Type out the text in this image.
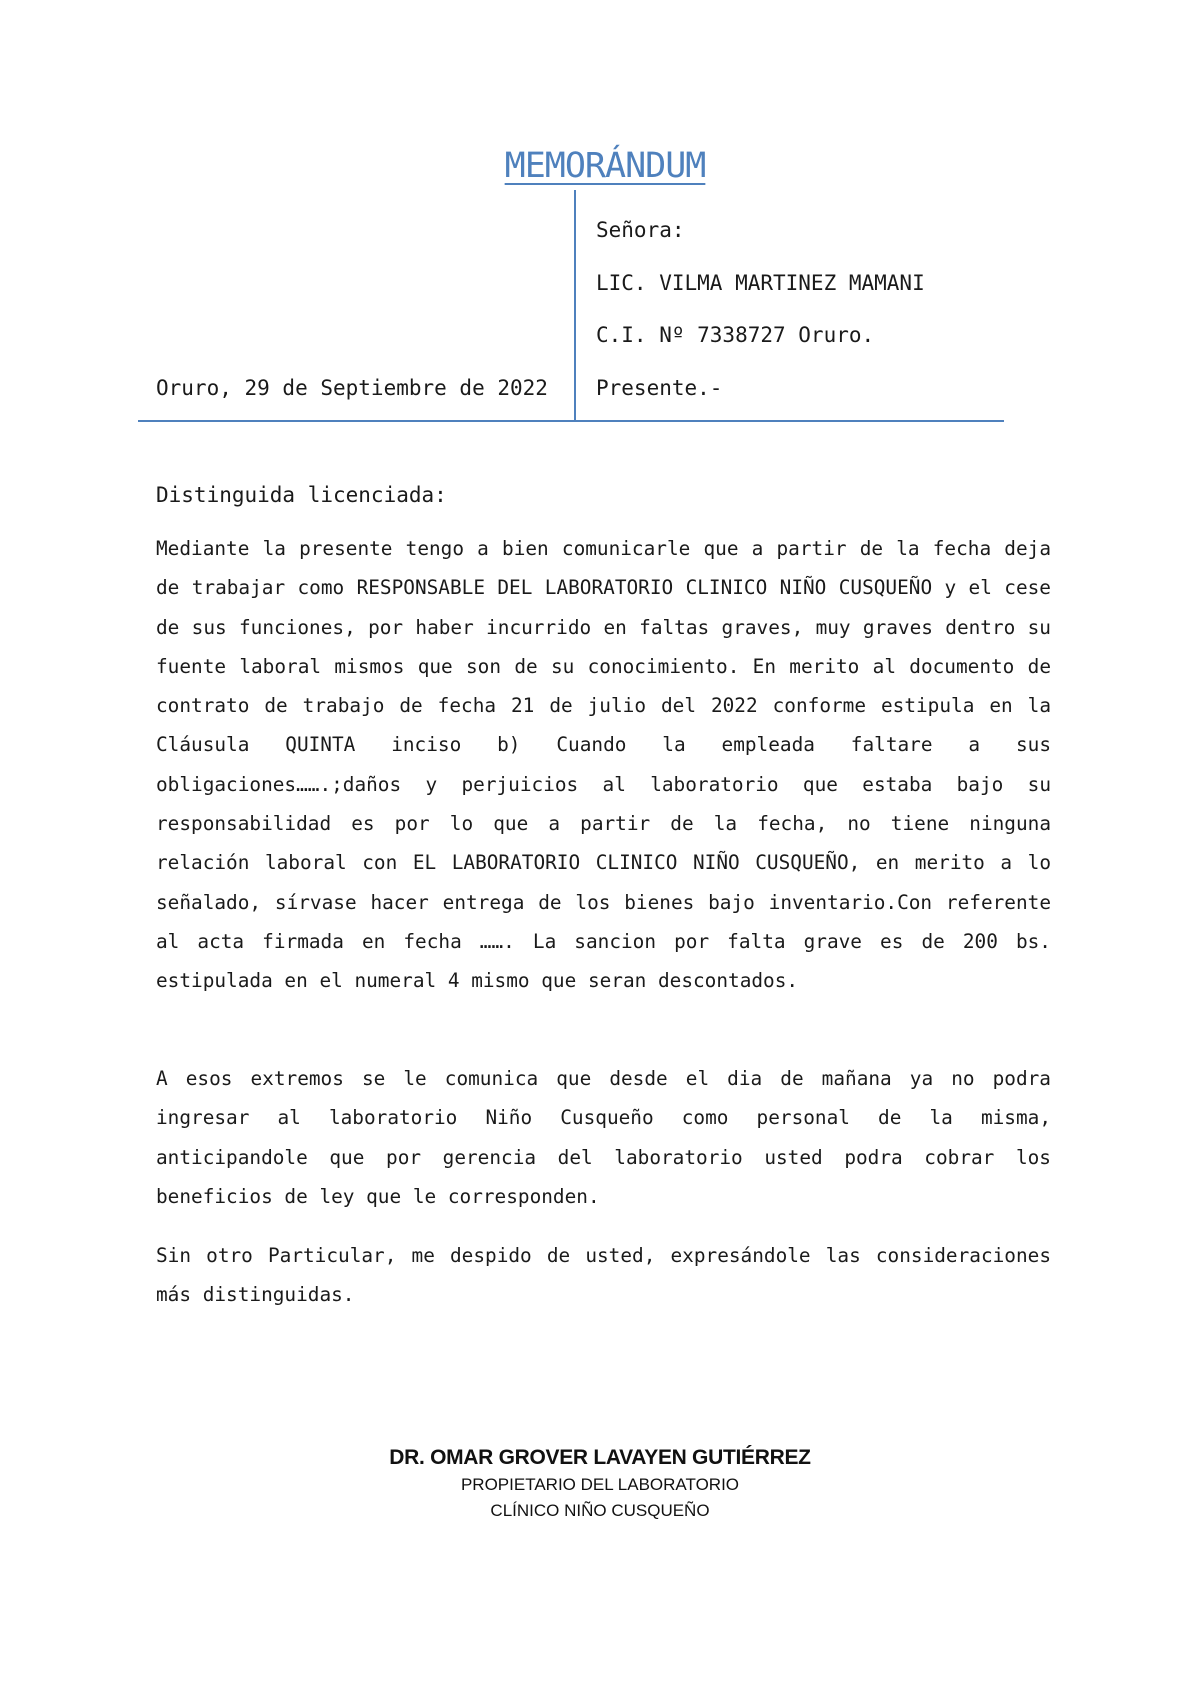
MEMORÁNDUM
Oruro, 29 de Septiembre de 2022
Señora:
LIC. VILMA MARTINEZ MAMANI
C.I. Nº 7338727 Oruro.
Presente.-
Distinguida licenciada:

Mediante la presente tengo a bien comunicarle que a partir de la fecha deja de trabajar como RESPONSABLE DEL LABORATORIO CLINICO NIÑO CUSQUEÑO y el cese de sus funciones, por haber incurrido en faltas graves, muy graves dentro su fuente laboral mismos que son de su conocimiento. En merito al documento de contrato de trabajo de fecha 21 de julio del 2022 conforme estipula en la Cláusula QUINTA inciso b) Cuando la empleada faltare a sus obligaciones…….;daños y perjuicios al laboratorio que estaba bajo su responsabilidad es por lo que a partir de la fecha, no tiene ninguna relación laboral con EL LABORATORIO CLINICO NIÑO CUSQUEÑO, en merito a lo señalado, sírvase hacer entrega de los bienes bajo inventario.Con referente al acta firmada en fecha ……. La sancion por falta grave es de 200 bs. estipulada en el numeral 4 mismo que seran descontados.

A esos extremos se le comunica que desde el dia de mañana ya no podra ingresar al laboratorio Niño Cusqueño como personal de la misma, anticipandole que por gerencia del laboratorio usted podra cobrar los beneficios de ley que le corresponden.

Sin otro Particular, me despido de usted, expresándole las consideraciones más distinguidas.

DR. OMAR GROVER LAVAYEN GUTIÉRREZ
PROPIETARIO DEL LABORATORIO
CLÍNICO NIÑO CUSQUEÑO
